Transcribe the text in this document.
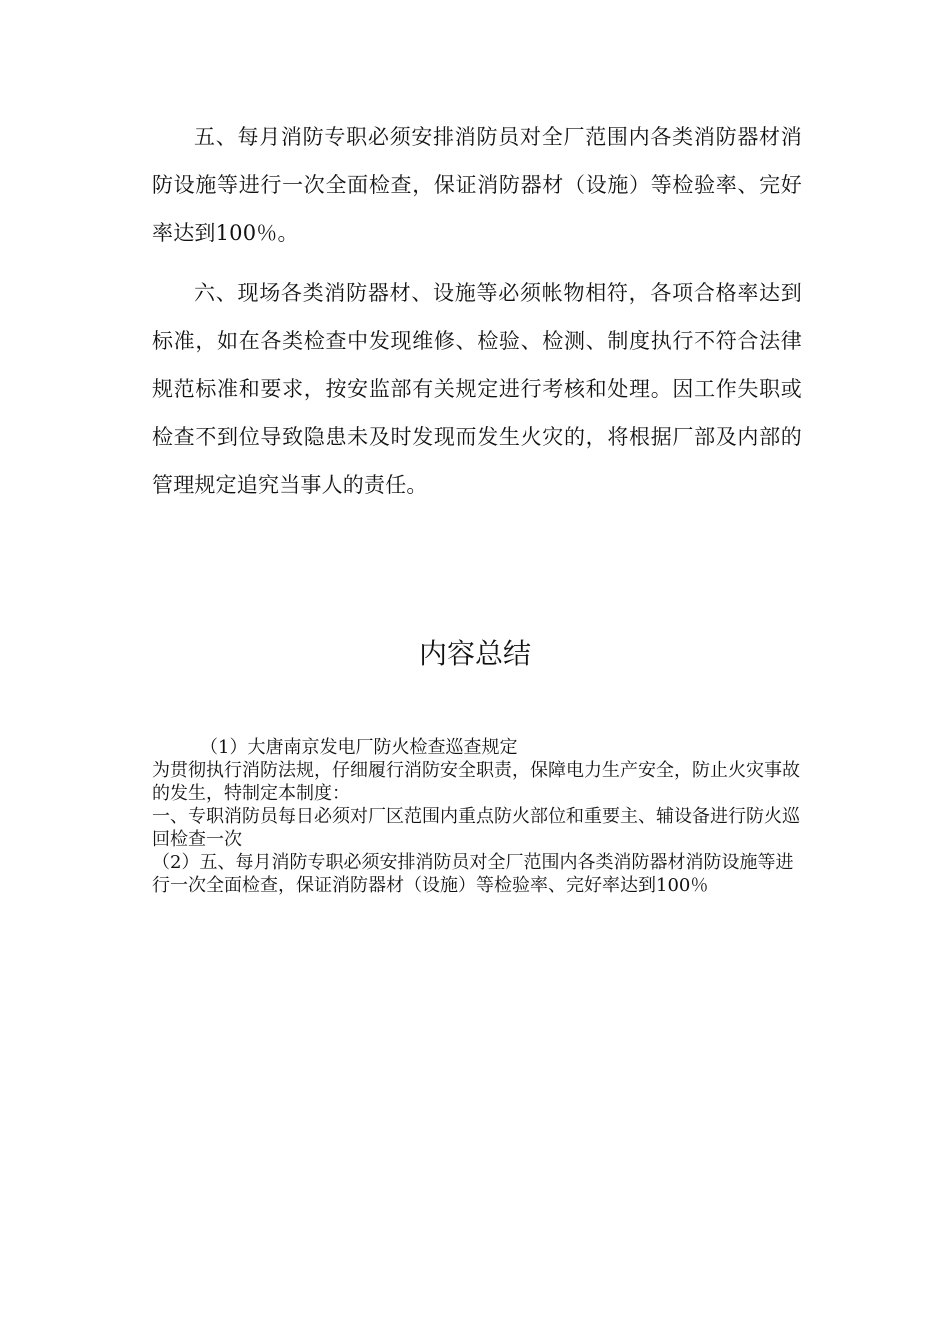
五、每月消防专职必须安排消防员对全厂范围内各类消防器材消防设施等进行一次全面检查，保证消防器材（设施）等检验率、完好率达到100％。

六、现场各类消防器材、设施等必须帐物相符，各项合格率达到标准，如在各类检查中发现维修、检验、检测、制度执行不符合法律规范标准和要求，按安监部有关规定进行考核和处理。因工作失职或检查不到位导致隐患未及时发现而发生火灾的，将根据厂部及内部的管理规定追究当事人的责任。

内容总结

（1）大唐南京发电厂防火检查巡查规定

为贯彻执行消防法规，仔细履行消防安全职责，保障电力生产安全，防止火灾事故的发生，特制定本制度：

一、专职消防员每日必须对厂区范围内重点防火部位和重要主、辅设备进行防火巡回检查一次

（2）五、每月消防专职必须安排消防员对全厂范围内各类消防器材消防设施等进行一次全面检查，保证消防器材（设施）等检验率、完好率达到100％
